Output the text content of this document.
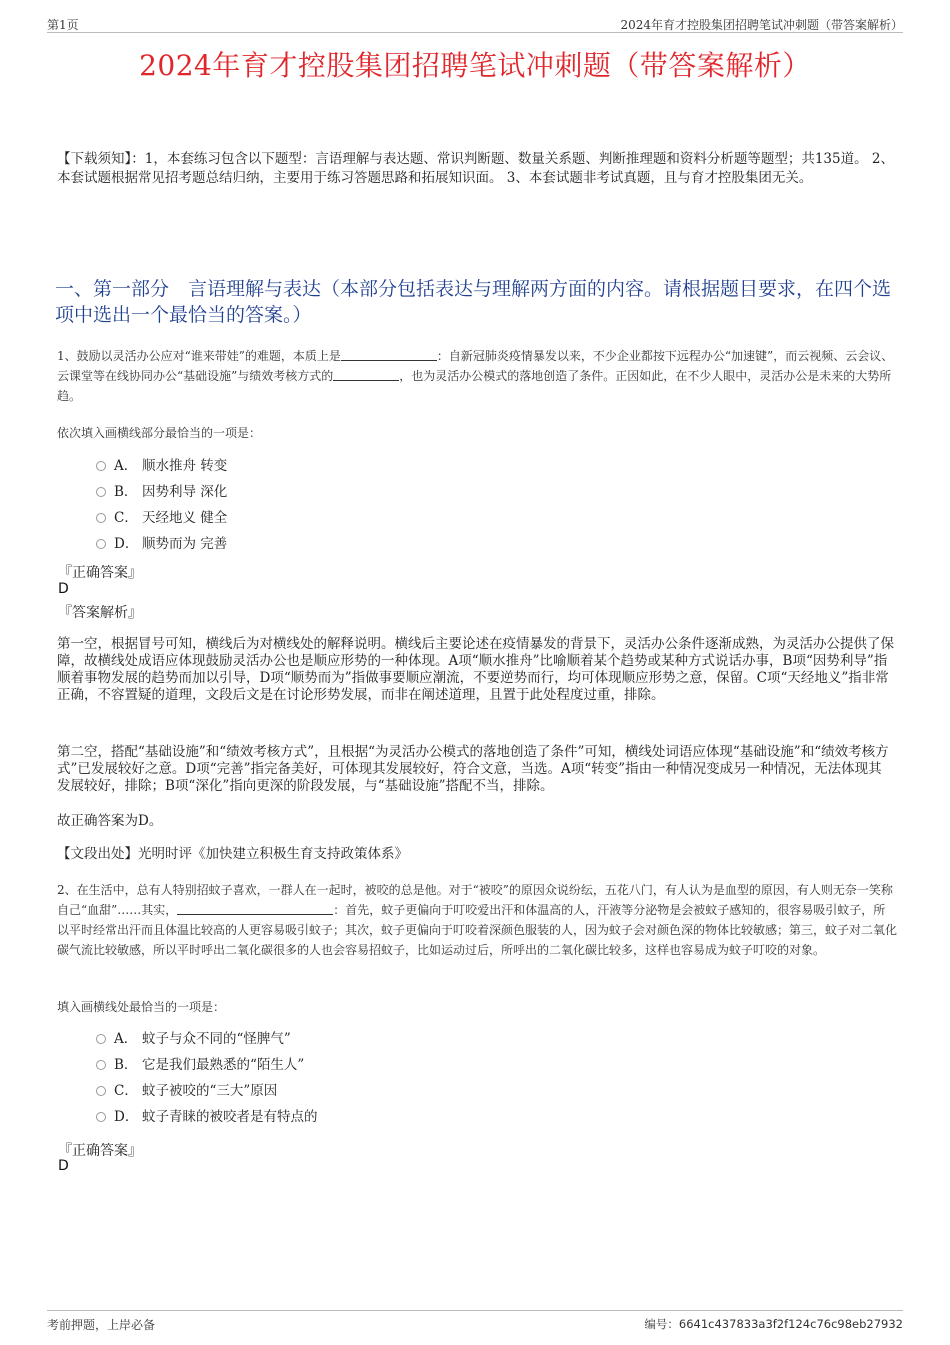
第1页	2024年育才控股集团招聘笔试冲刺题（带答案解析）
2024年育才控股集团招聘笔试冲刺题（带答案解析）
【下载须知】：1，本套练习包含以下题型：言语理解与表达题、常识判断题、数量关系题、判断推理题和资料分析题等题型；共135道。 2、本套试题根据常见招考题总结归纳，主要用于练习答题思路和拓展知识面。 3、本套试题非考试真题，且与育才控股集团无关。
一、第一部分　言语理解与表达（本部分包括表达与理解两方面的内容。请根据题目要求，在四个选项中选出一个最恰当的答案。）
1、鼓励以灵活办公应对“谁来带娃”的难题，本质上是	：自新冠肺炎疫情暴发以来，不少企业都按下远程办公“加速键”，而云视频、云会议、云课堂等在线协同办公“基础设施”与绩效考核方式的	，也为灵活办公模式的落地创造了条件。正因如此，在不少人眼中，灵活办公是未来的大势所趋。
依次填入画横线部分最恰当的一项是：
A． 顺水推舟 转变
B． 因势利导 深化
C． 天经地义 健全
D． 顺势而为 完善
『正确答案』
D
『答案解析』
第一空，根据冒号可知，横线后为对横线处的解释说明。横线后主要论述在疫情暴发的背景下，灵活办公条件逐渐成熟，为灵活办公提供了保障，故横线处成语应体现鼓励灵活办公也是顺应形势的一种体现。A项“顺水推舟”比喻顺着某个趋势或某种方式说话办事，B项“因势利导”指顺着事物发展的趋势而加以引导，D项“顺势而为”指做事要顺应潮流，不要逆势而行，均可体现顺应形势之意，保留。C项“天经地义”指非常正确，不容置疑的道理，文段后文是在讨论形势发展，而非在阐述道理，且置于此处程度过重，排除。
第二空，搭配“基础设施”和“绩效考核方式”，且根据“为灵活办公模式的落地创造了条件”可知，横线处词语应体现“基础设施”和“绩效考核方式”已发展较好之意。D项“完善”指完备美好，可体现其发展较好，符合文意，当选。A项“转变”指由一种情况变成另一种情况，无法体现其发展较好，排除；B项“深化”指向更深的阶段发展，与“基础设施”搭配不当，排除。
故正确答案为D。
【文段出处】光明时评《加快建立积极生育支持政策体系》
2、在生活中，总有人特别招蚊子喜欢，一群人在一起时，被咬的总是他。对于“被咬”的原因众说纷纭，五花八门，有人认为是血型的原因，有人则无奈一笑称自己“血甜”……其实，	：首先，蚊子更偏向于叮咬爱出汗和体温高的人，汗液等分泌物是会被蚊子感知的，很容易吸引蚊子，所以平时经常出汗而且体温比较高的人更容易吸引蚊子；其次，蚊子更偏向于叮咬着深颜色服装的人，因为蚊子会对颜色深的物体比较敏感；第三，蚊子对二氧化碳气流比较敏感，所以平时呼出二氧化碳很多的人也会容易招蚊子，比如运动过后，所呼出的二氧化碳比较多，这样也容易成为蚊子叮咬的对象。
填入画横线处最恰当的一项是：
A． 蚊子与众不同的“怪脾气”
B． 它是我们最熟悉的“陌生人”
C． 蚊子被咬的“三大”原因
D． 蚊子青睐的被咬者是有特点的
『正确答案』
D
考前押题，上岸必备	编号：6641c437833a3f2f124c76c98eb27932
